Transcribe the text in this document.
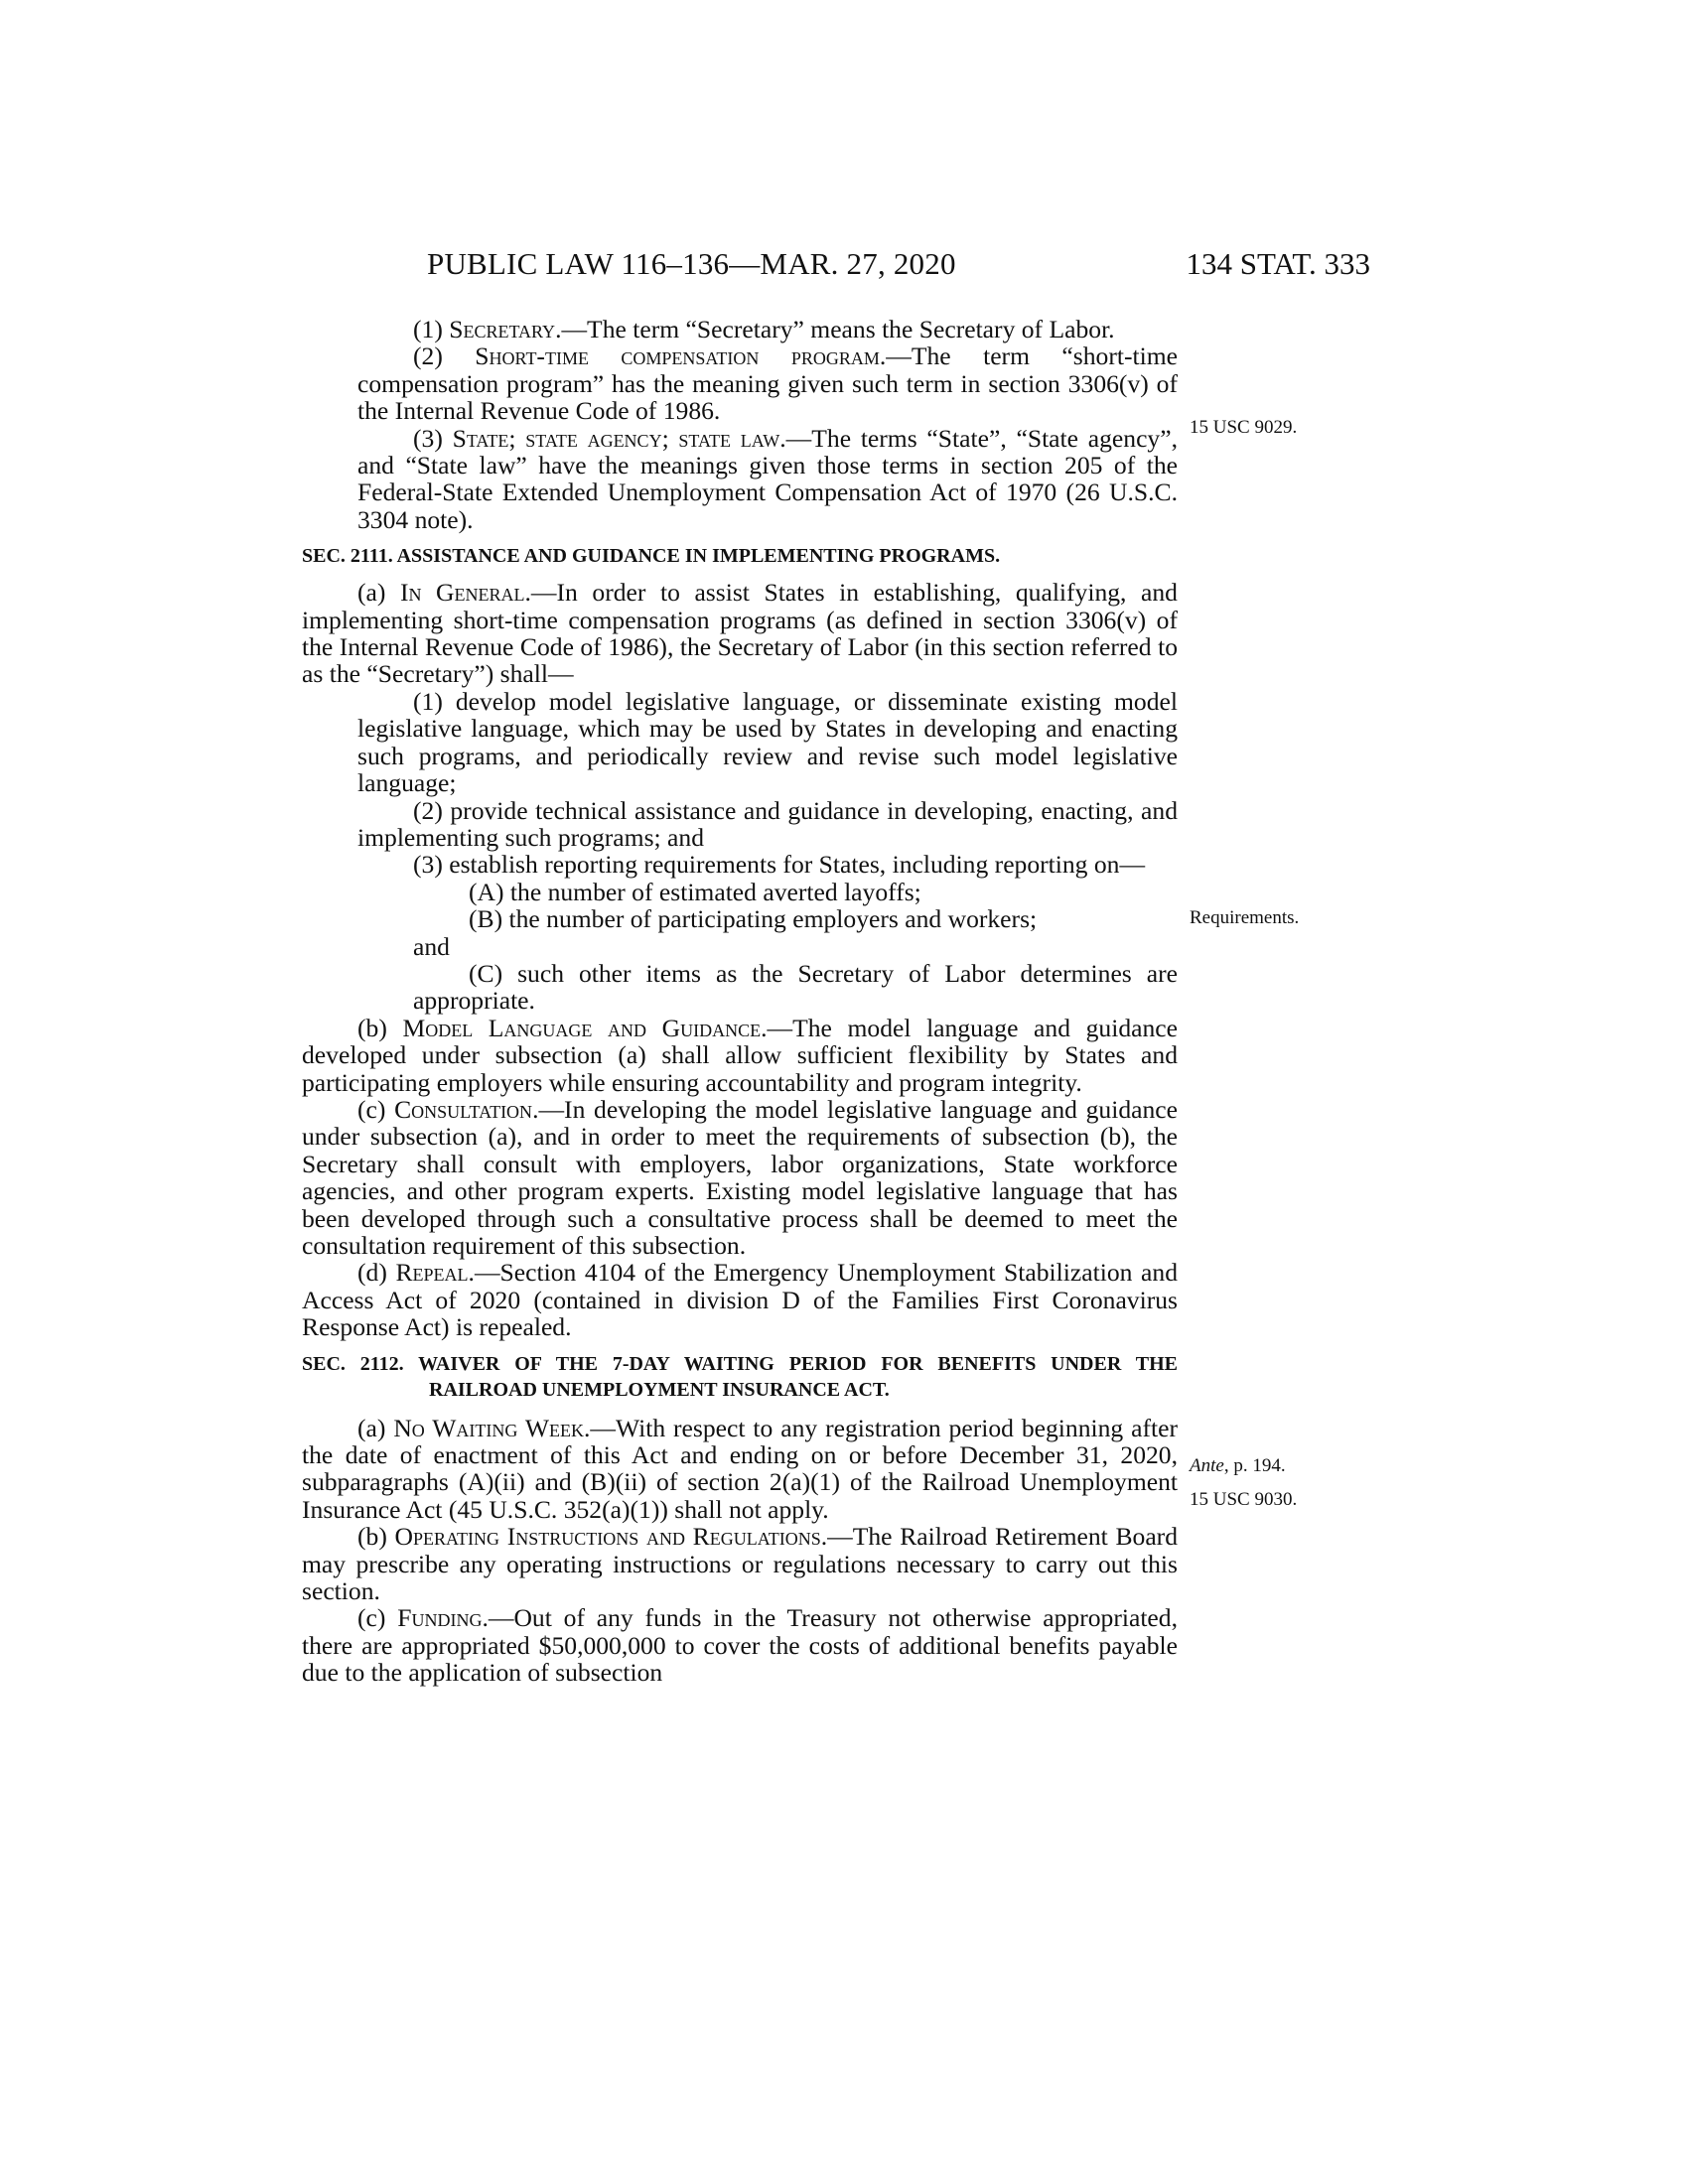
PUBLIC LAW 116–136—MAR. 27, 2020	134 STAT. 333

(1) Secretary.—The term “Secretary” means the Secretary of Labor.

(2) Short-time compensation program.—The term “short-time compensation program” has the meaning given such term in section 3306(v) of the Internal Revenue Code of 1986.

(3) State; state agency; state law.—The terms “State”, “State agency”, and “State law” have the meanings given those terms in section 205 of the Federal-State Extended Unemployment Compensation Act of 1970 (26 U.S.C. 3304 note).

SEC. 2111. ASSISTANCE AND GUIDANCE IN IMPLEMENTING PROGRAMS.

(a) In General.—In order to assist States in establishing, qualifying, and implementing short-time compensation programs (as defined in section 3306(v) of the Internal Revenue Code of 1986), the Secretary of Labor (in this section referred to as the “Secretary”) shall—

(1) develop model legislative language, or disseminate existing model legislative language, which may be used by States in developing and enacting such programs, and periodically review and revise such model legislative language;

(2) provide technical assistance and guidance in developing, enacting, and implementing such programs; and

(3) establish reporting requirements for States, including reporting on—

(A) the number of estimated averted layoffs;

(B) the number of participating employers and workers;

and

(C) such other items as the Secretary of Labor determines are appropriate.

(b) Model Language and Guidance.—The model language and guidance developed under subsection (a) shall allow sufficient flexibility by States and participating employers while ensuring accountability and program integrity.

(c) Consultation.—In developing the model legislative language and guidance under subsection (a), and in order to meet the requirements of subsection (b), the Secretary shall consult with employers, labor organizations, State workforce agencies, and other program experts. Existing model legislative language that has been developed through such a consultative process shall be deemed to meet the consultation requirement of this subsection.

(d) Repeal.—Section 4104 of the Emergency Unemployment Stabilization and Access Act of 2020 (contained in division D of the Families First Coronavirus Response Act) is repealed.

SEC. 2112. WAIVER OF THE 7-DAY WAITING PERIOD FOR BENEFITS UNDER THE RAILROAD UNEMPLOYMENT INSURANCE ACT.

(a) No Waiting Week.—With respect to any registration period beginning after the date of enactment of this Act and ending on or before December 31, 2020, subparagraphs (A)(ii) and (B)(ii) of section 2(a)(1) of the Railroad Unemployment Insurance Act (45 U.S.C. 352(a)(1)) shall not apply.

(b) Operating Instructions and Regulations.—The Railroad Retirement Board may prescribe any operating instructions or regulations necessary to carry out this section.

(c) Funding.—Out of any funds in the Treasury not otherwise appropriated, there are appropriated $50,000,000 to cover the costs of additional benefits payable due to the application of subsection

15 USC 9029.
Requirements.
Ante, p. 194.
15 USC 9030.
